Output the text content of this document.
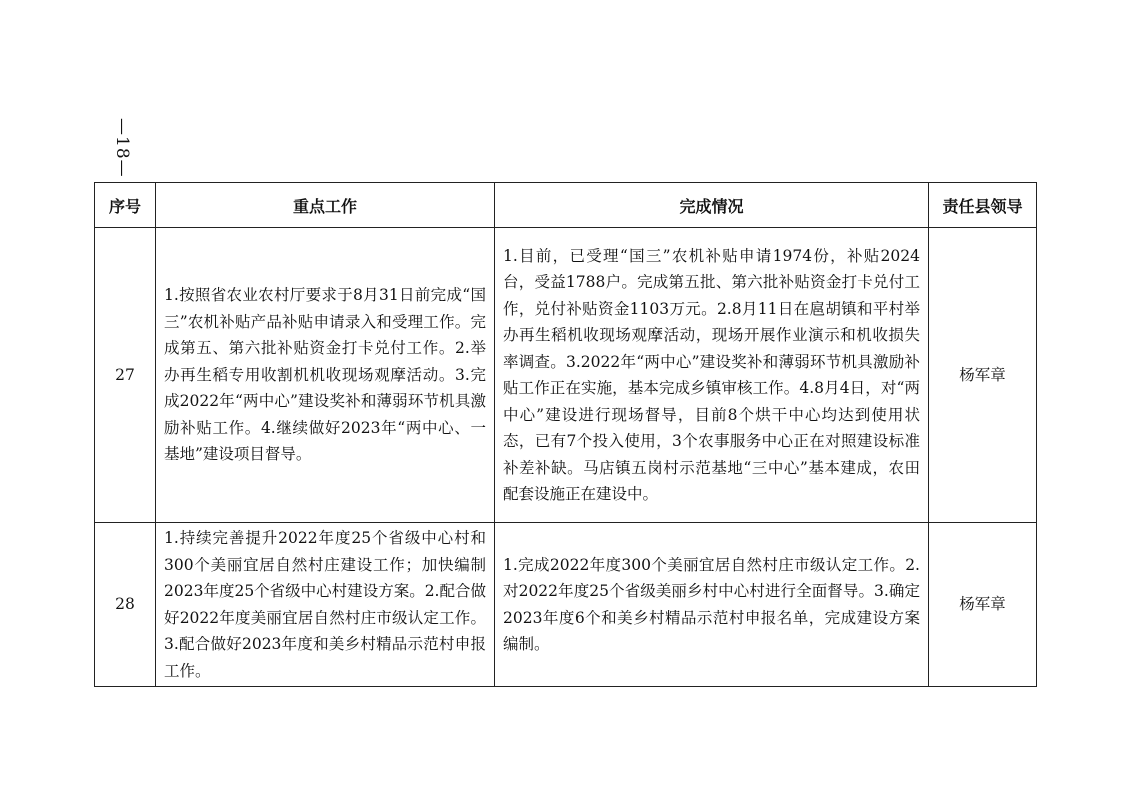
—18—
序号	重点工作	完成情况	责任县领导
27	1.按照省农业农村厅要求于8月31日前完成“国三”农机补贴产品补贴申请录入和受理工作。完成第五、第六批补贴资金打卡兑付工作。2.举办再生稻专用收割机机收现场观摩活动。3.完成2022年“两中心”建设奖补和薄弱环节机具激励补贴工作。4.继续做好2023年“两中心、一基地”建设项目督导。	1.目前，已受理“国三”农机补贴申请1974份，补贴2024台，受益1788户。完成第五批、第六批补贴资金打卡兑付工作，兑付补贴资金1103万元。2.8月11日在扈胡镇和平村举办再生稻机收现场观摩活动，现场开展作业演示和机收损失率调查。3.2022年“两中心”建设奖补和薄弱环节机具激励补贴工作正在实施，基本完成乡镇审核工作。4.8月4日，对“两中心”建设进行现场督导，目前8个烘干中心均达到使用状态，已有7个投入使用，3个农事服务中心正在对照建设标准补差补缺。马店镇五岗村示范基地“三中心”基本建成，农田配套设施正在建设中。	杨军章
28	1.持续完善提升2022年度25个省级中心村和300个美丽宜居自然村庄建设工作；加快编制2023年度25个省级中心村建设方案。2.配合做好2022年度美丽宜居自然村庄市级认定工作。3.配合做好2023年度和美乡村精品示范村申报工作。	1.完成2022年度300个美丽宜居自然村庄市级认定工作。2.对2022年度25个省级美丽乡村中心村进行全面督导。3.确定2023年度6个和美乡村精品示范村申报名单，完成建设方案编制。	杨军章
